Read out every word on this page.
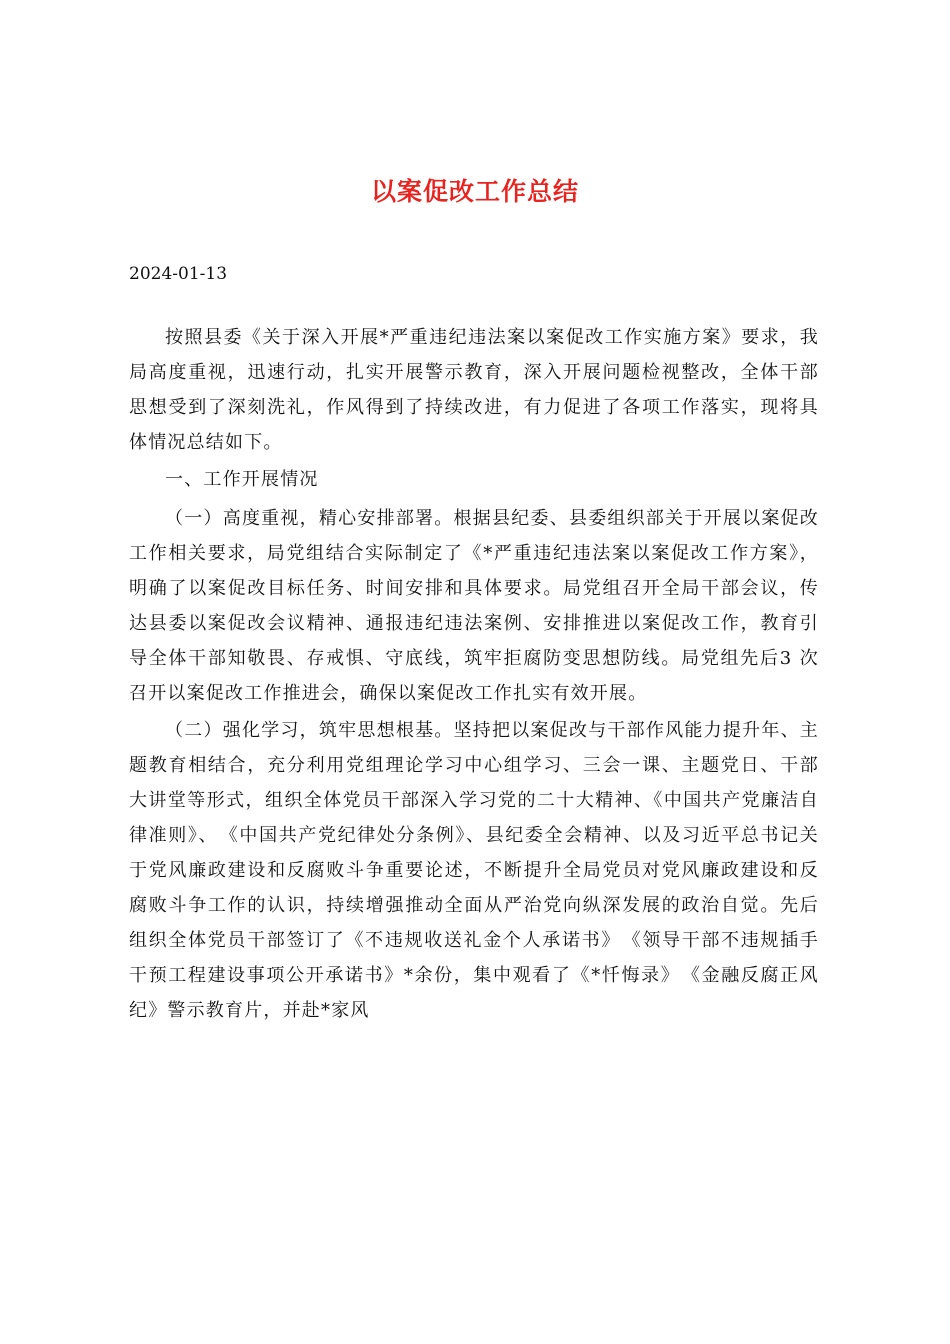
以案促改工作总结
2024-01-13

按照县委《关于深入开展*严重违纪违法案以案促改工作实施方案》要求，我局高度重视，迅速行动，扎实开展警示教育，深入开展问题检视整改，全体干部思想受到了深刻洗礼，作风得到了持续改进，有力促进了各项工作落实，现将具体情况总结如下。

一、工作开展情况

（一）高度重视，精心安排部署。根据县纪委、县委组织部关于开展以案促改工作相关要求，局党组结合实际制定了《*严重违纪违法案以案促改工作方案》，明确了以案促改目标任务、时间安排和具体要求。局党组召开全局干部会议，传达县委以案促改会议精神、通报违纪违法案例、安排推进以案促改工作，教育引导全体干部知敬畏、存戒惧、守底线，筑牢拒腐防变思想防线。局党组先后3 次召开以案促改工作推进会，确保以案促改工作扎实有效开展。

（二）强化学习，筑牢思想根基。坚持把以案促改与干部作风能力提升年、主题教育相结合，充分利用党组理论学习中心组学习、三会一课、主题党日、干部大讲堂等形式，组织全体党员干部深入学习党的二十大精神、《中国共产党廉洁自律准则》、　《中国共产党纪律处分条例》、县纪委全会精神、以及习近平总书记关于党风廉政建设和反腐败斗争重要论述，不断提升全局党员对党风廉政建设和反腐败斗争工作的认识，持续增强推动全面从严治党向纵深发展的政治自觉。先后组织全体党员干部签订了《不违规收送礼金个人承诺书》　《领导干部不违规插手干预工程建设事项公开承诺书》*余份，集中观看了《*忏悔录》　《金融反腐正风纪》警示教育片，并赴*家风
